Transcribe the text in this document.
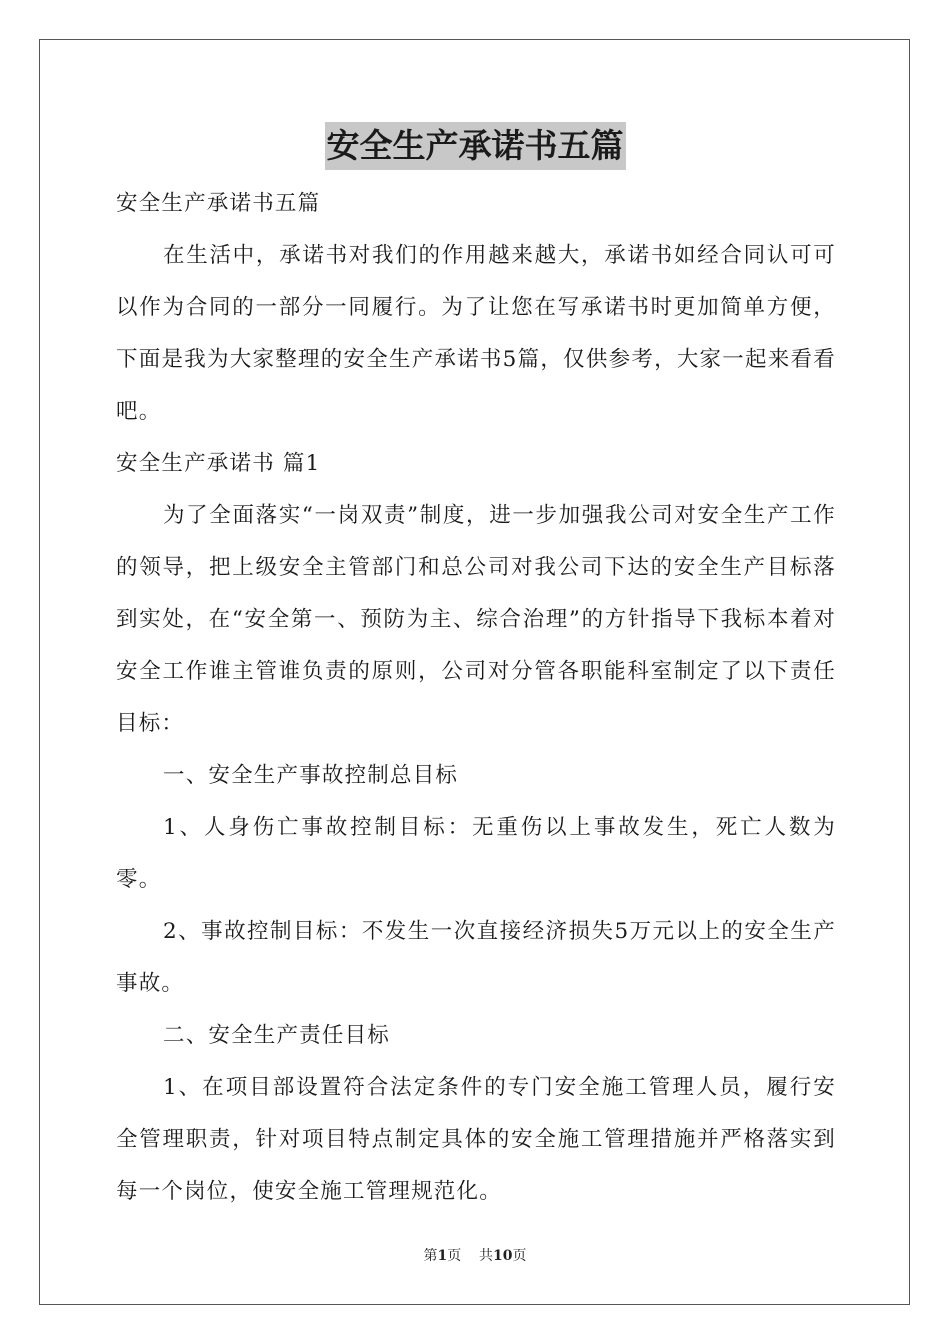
安全生产承诺书五篇

安全生产承诺书五篇

在生活中，承诺书对我们的作用越来越大，承诺书如经合同认可可以作为合同的一部分一同履行。为了让您在写承诺书时更加简单方便，下面是我为大家整理的安全生产承诺书5篇，仅供参考，大家一起来看看吧。

安全生产承诺书 篇1

为了全面落实“一岗双责”制度，进一步加强我公司对安全生产工作的领导，把上级安全主管部门和总公司对我公司下达的安全生产目标落到实处，在“安全第一、预防为主、综合治理”的方针指导下我标本着对安全工作谁主管谁负责的原则，公司对分管各职能科室制定了以下责任目标：

一、安全生产事故控制总目标

1、人身伤亡事故控制目标：无重伤以上事故发生，死亡人数为零。

2、事故控制目标：不发生一次直接经济损失5万元以上的安全生产事故。

二、安全生产责任目标

1、在项目部设置符合法定条件的专门安全施工管理人员，履行安全管理职责，针对项目特点制定具体的安全施工管理措施并严格落实到每一个岗位，使安全施工管理规范化。

第1页 共10页
